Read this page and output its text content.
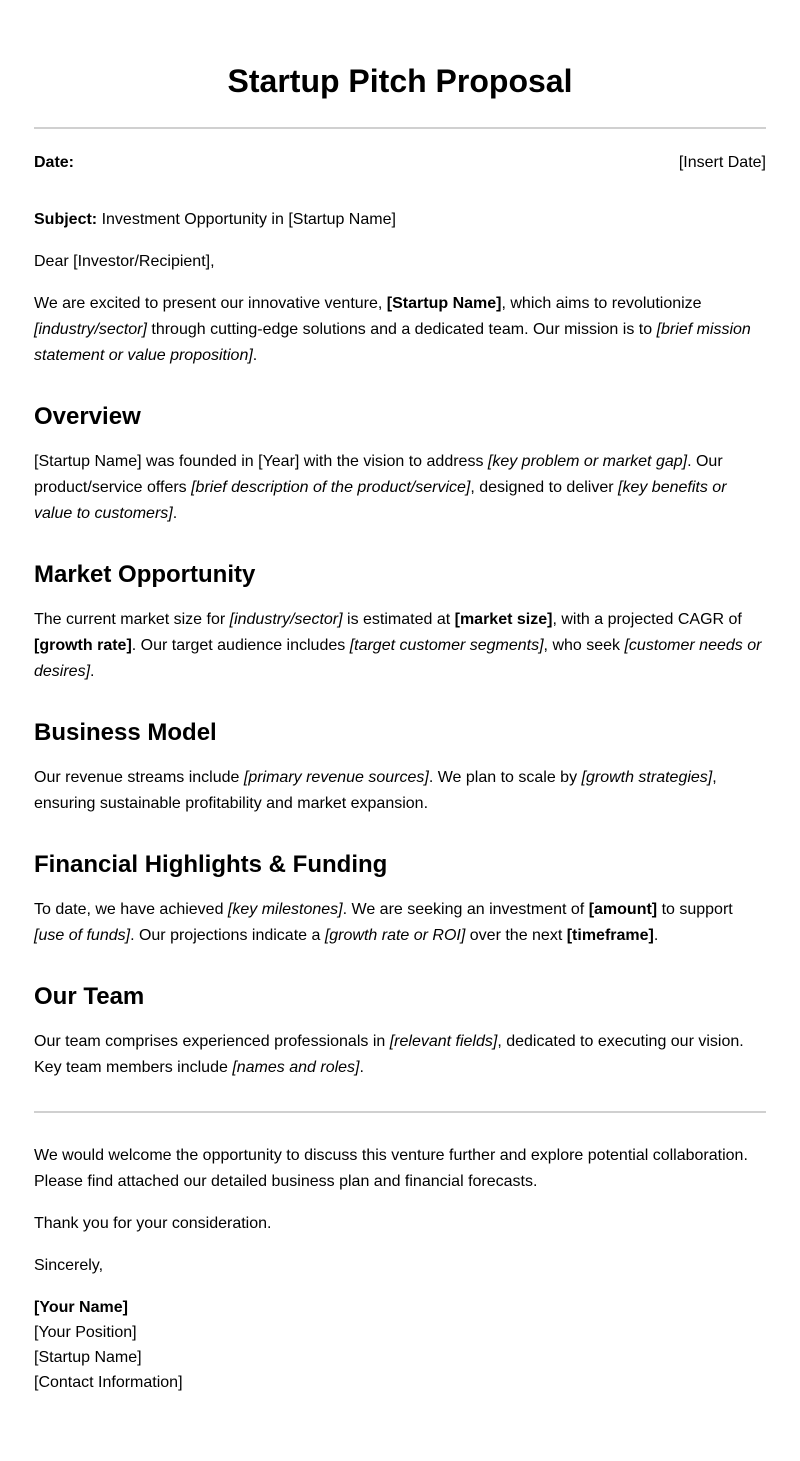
Startup Pitch Proposal
Date:	[Insert Date]

Subject: Investment Opportunity in [Startup Name]

Dear [Investor/Recipient],

We are excited to present our innovative venture, [Startup Name], which aims to revolutionize [industry/sector] through cutting-edge solutions and a dedicated team. Our mission is to [brief mission statement or value proposition].

Overview

[Startup Name] was founded in [Year] with the vision to address [key problem or market gap]. Our product/service offers [brief description of the product/service], designed to deliver [key benefits or value to customers].

Market Opportunity

The current market size for [industry/sector] is estimated at [market size], with a projected CAGR of [growth rate]. Our target audience includes [target customer segments], who seek [customer needs or desires].

Business Model

Our revenue streams include [primary revenue sources]. We plan to scale by [growth strategies], ensuring sustainable profitability and market expansion.

Financial Highlights & Funding

To date, we have achieved [key milestones]. We are seeking an investment of [amount] to support [use of funds]. Our projections indicate a [growth rate or ROI] over the next [timeframe].

Our Team

Our team comprises experienced professionals in [relevant fields], dedicated to executing our vision. Key team members include [names and roles].

We would welcome the opportunity to discuss this venture further and explore potential collaboration. Please find attached our detailed business plan and financial forecasts.

Thank you for your consideration.

Sincerely,

[Your Name]
[Your Position]
[Startup Name]
[Contact Information]
